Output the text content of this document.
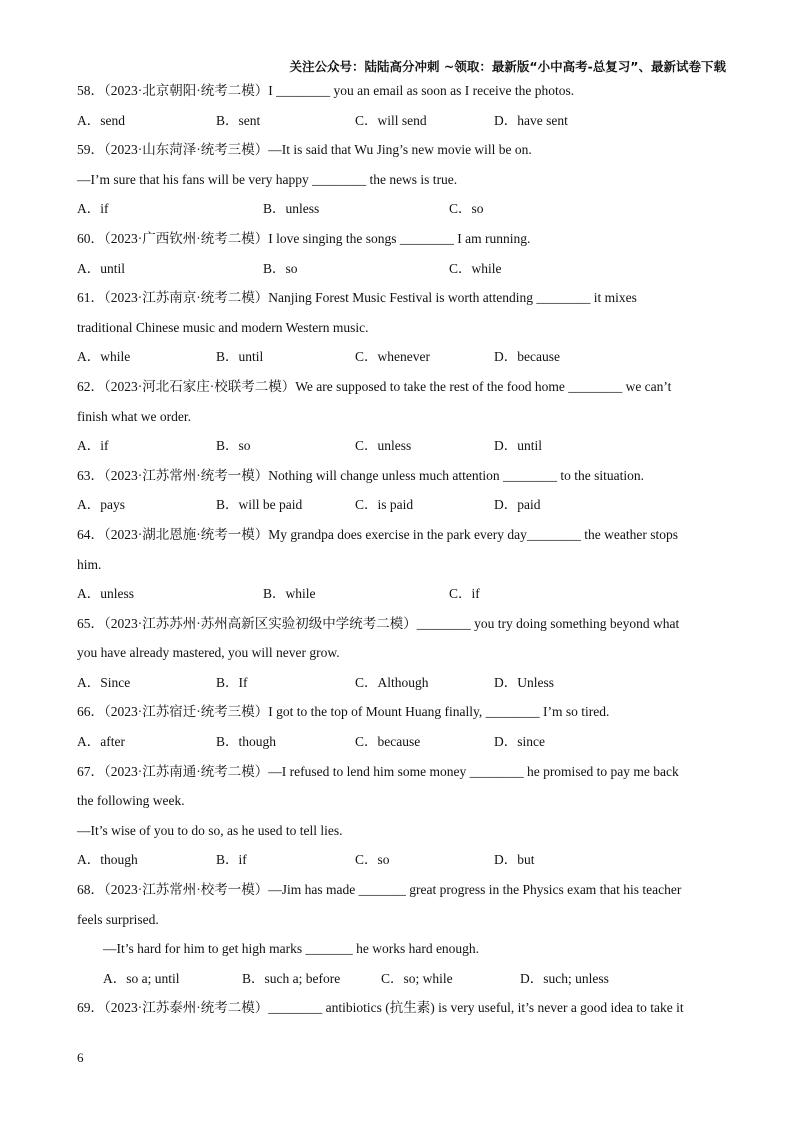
关注公众号：陆陆高分冲刺 ~领取：最新版“小中高考-总复习”、最新试卷下载
58．（2023·北京朝阳·统考二模）I ________ you an email as soon as I receive the photos.
A．send	B．sent	C．will send	D．have sent
59．（2023·山东菏泽·统考三模）—It is said that Wu Jing’s new movie will be on.
—I’m sure that his fans will be very happy ________ the news is true.
A．if	B．unless	C．so
60．（2023·广西钦州·统考二模）I love singing the songs ________ I am running.
A．until	B．so	C．while
61．（2023·江苏南京·统考二模）Nanjing Forest Music Festival is worth attending ________ it mixes
traditional Chinese music and modern Western music.
A．while	B．until	C．whenever	D．because
62．（2023·河北石家庄·校联考二模）We are supposed to take the rest of the food home ________ we can’t
finish what we order.
A．if	B．so	C．unless	D．until
63．（2023·江苏常州·统考一模）Nothing will change unless much attention ________ to the situation.
A．pays	B．will be paid	C．is paid	D．paid
64．（2023·湖北恩施·统考一模）My grandpa does exercise in the park every day________ the weather stops
him.
A．unless	B．while	C．if
65．（2023·江苏苏州·苏州高新区实验初级中学统考二模）________ you try doing something beyond what
you have already mastered, you will never grow.
A．Since	B．If	C．Although	D．Unless
66．（2023·江苏宿迁·统考三模）I got to the top of Mount Huang finally, ________ I’m so tired.
A．after	B．though	C．because	D．since
67．（2023·江苏南通·统考二模）—I refused to lend him some money ________ he promised to pay me back
the following week.
—It’s wise of you to do so, as he used to tell lies.
A．though	B．if	C．so	D．but
68．（2023·江苏常州·校考一模）—Jim has made _______ great progress in the Physics exam that his teacher
feels surprised.
—It’s hard for him to get high marks _______ he works hard enough.
A．so a; until	B．such a; before	C．so; while	D．such; unless
69．（2023·江苏泰州·统考二模）________ antibiotics (抗生素) is very useful, it’s never a good idea to take it
6
